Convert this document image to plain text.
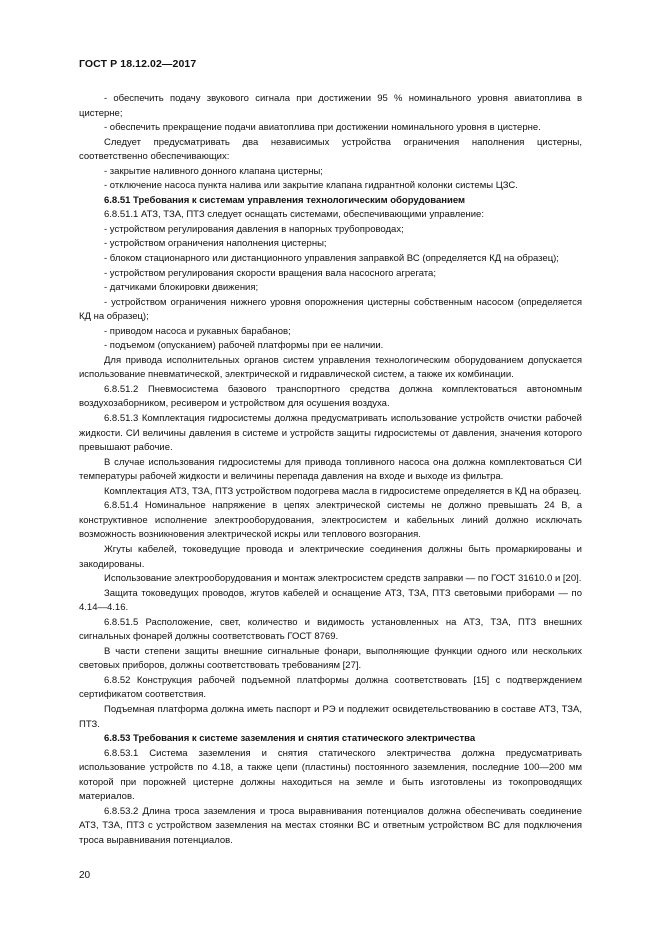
ГОСТ Р 18.12.02—2017

- обеспечить подачу звукового сигнала при достижении 95 % номинального уровня авиатоплива в цистерне;

- обеспечить прекращение подачи авиатоплива при достижении номинального уровня в цистерне.

Следует предусматривать два независимых устройства ограничения наполнения цистерны, соответственно обеспечивающих:

- закрытие наливного донного клапана цистерны;

- отключение насоса пункта налива или закрытие клапана гидрантной колонки системы ЦЗС.

6.8.51 Требования к системам управления технологическим оборудованием

6.8.51.1 АТЗ, ТЗА, ПТЗ следует оснащать системами, обеспечивающими управление:

- устройством регулирования давления в напорных трубопроводах;

- устройством ограничения наполнения цистерны;

- блоком стационарного или дистанционного управления заправкой ВС (определяется КД на образец);

- устройством регулирования скорости вращения вала насосного агрегата;

- датчиками блокировки движения;

- устройством ограничения нижнего уровня опорожнения цистерны собственным насосом (определяется КД на образец);

- приводом насоса и рукавных барабанов;

- подъемом (опусканием) рабочей платформы при ее наличии.

Для привода исполнительных органов систем управления технологическим оборудованием допускается использование пневматической, электрической и гидравлической систем, а также их комбинации.

6.8.51.2 Пневмосистема базового транспортного средства должна комплектоваться автономным воздухозаборником, ресивером и устройством для осушения воздуха.

6.8.51.3 Комплектация гидросистемы должна предусматривать использование устройств очистки рабочей жидкости. СИ величины давления в системе и устройств защиты гидросистемы от давления, значения которого превышают рабочие.

В случае использования гидросистемы для привода топливного насоса она должна комплектоваться СИ температуры рабочей жидкости и величины перепада давления на входе и выходе из фильтра.

Комплектация АТЗ, ТЗА, ПТЗ устройством подогрева масла в гидросистеме определяется в КД на образец.

6.8.51.4 Номинальное напряжение в цепях электрической системы не должно превышать 24 В, а конструктивное исполнение электрооборудования, электросистем и кабельных линий должно исключать возможность возникновения электрической искры или теплового возгорания.

Жгуты кабелей, токоведущие провода и электрические соединения должны быть промаркированы и закодированы.

Использование электрооборудования и монтаж электросистем средств заправки — по ГОСТ 31610.0 и [20].

Защита токоведущих проводов, жгутов кабелей и оснащение АТЗ, ТЗА, ПТЗ световыми приборами — по 4.14—4.16.

6.8.51.5 Расположение, свет, количество и видимость установленных на АТЗ, ТЗА, ПТЗ внешних сигнальных фонарей должны соответствовать ГОСТ 8769.

В части степени защиты внешние сигнальные фонари, выполняющие функции одного или нескольких световых приборов, должны соответствовать требованиям [27].

6.8.52 Конструкция рабочей подъемной платформы должна соответствовать [15] с подтверждением сертификатом соответствия.

Подъемная платформа должна иметь паспорт и РЭ и подлежит освидетельствованию в составе АТЗ, ТЗА, ПТЗ.

6.8.53 Требования к системе заземления и снятия статического электричества

6.8.53.1 Система заземления и снятия статического электричества должна предусматривать использование устройств по 4.18, а также цепи (пластины) постоянного заземления, последние 100—200 мм которой при порожней цистерне должны находиться на земле и быть изготовлены из токопроводящих материалов.

6.8.53.2 Длина троса заземления и троса выравнивания потенциалов должна обеспечивать соединение АТЗ, ТЗА, ПТЗ с устройством заземления на местах стоянки ВС и ответным устройством ВС для подключения троса выравнивания потенциалов.

20
